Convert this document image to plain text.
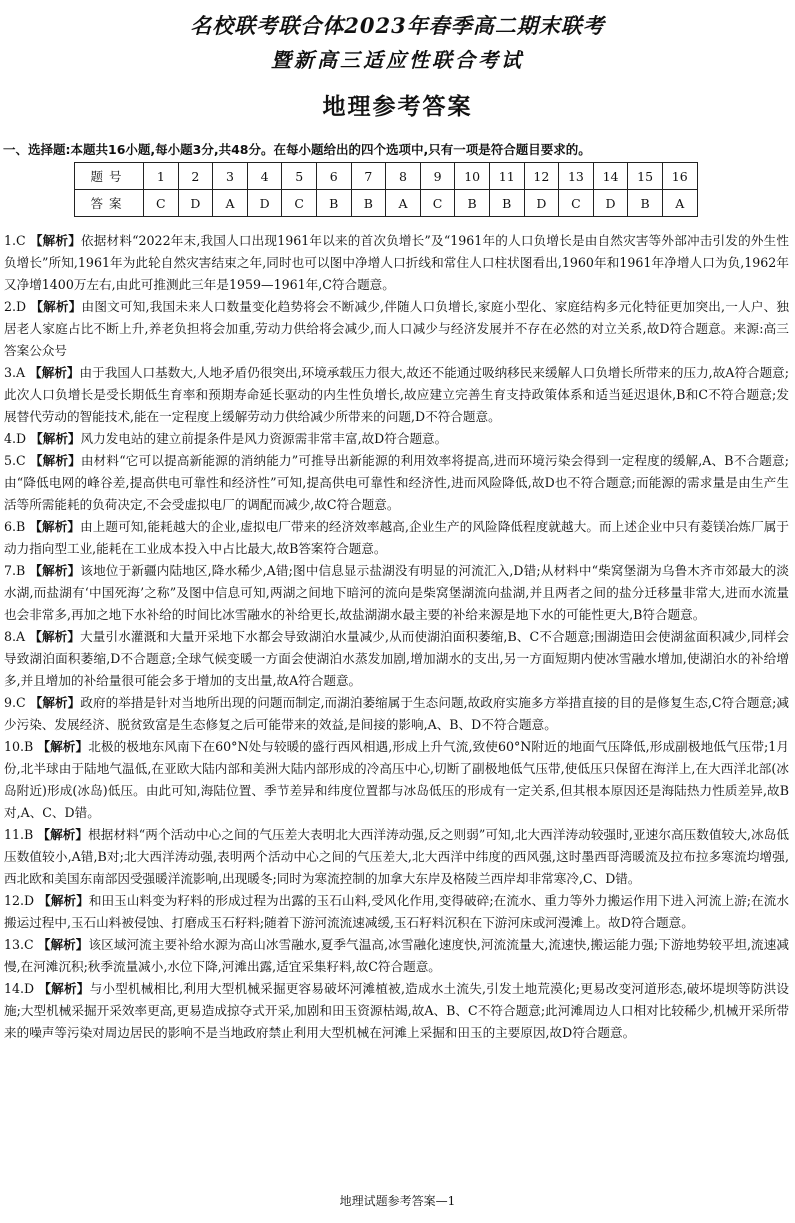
名校联考联合体2023年春季高二期末联考
暨新高三适应性联合考试
地理参考答案
一、选择题:本题共16小题,每小题3分,共48分。在每小题给出的四个选项中,只有一项是符合题目要求的。
题号	1	2	3	4	5	6	7	8	9	10	11	12	13	14	15	16
答案	C	D	A	D	C	B	B	A	C	B	B	D	C	D	B	A

1.C 【解析】依据材料“2022年末,我国人口出现1961年以来的首次负增长”及“1961年的人口负增长是由自然灾害等外部冲击引发的外生性负增长”所知,1961年为此轮自然灾害结束之年,同时也可以图中净增人口折线和常住人口柱状图看出,1960年和1961年净增人口为负,1962年又净增1400万左右,由此可推测此三年是1959—1961年,C符合题意。

2.D 【解析】由图文可知,我国未来人口数量变化趋势将会不断减少,伴随人口负增长,家庭小型化、家庭结构多元化特征更加突出,一人户、独居老人家庭占比不断上升,养老负担将会加重,劳动力供给将会减少,而人口减少与经济发展并不存在必然的对立关系,故D符合题意。来源:高三答案公众号

3.A 【解析】由于我国人口基数大,人地矛盾仍很突出,环境承载压力很大,故还不能通过吸纳移民来缓解人口负增长所带来的压力,故A符合题意;此次人口负增长是受长期低生育率和预期寿命延长驱动的内生性负增长,故应建立完善生育支持政策体系和适当延迟退休,B和C不符合题意;发展替代劳动的智能技术,能在一定程度上缓解劳动力供给减少所带来的问题,D不符合题意。

4.D 【解析】风力发电站的建立前提条件是风力资源需非常丰富,故D符合题意。

5.C 【解析】由材料“它可以提高新能源的消纳能力”可推导出新能源的利用效率将提高,进而环境污染会得到一定程度的缓解,A、B不合题意;由“降低电网的峰谷差,提高供电可靠性和经济性”可知,提高供电可靠性和经济性,进而风险降低,故D也不符合题意;而能源的需求量是由生产生活等所需能耗的负荷决定,不会受虚拟电厂的调配而减少,故C符合题意。

6.B 【解析】由上题可知,能耗越大的企业,虚拟电厂带来的经济效率越高,企业生产的风险降低程度就越大。而上述企业中只有菱镁冶炼厂属于动力指向型工业,能耗在工业成本投入中占比最大,故B答案符合题意。

7.B 【解析】该地位于新疆内陆地区,降水稀少,A错;图中信息显示盐湖没有明显的河流汇入,D错;从材料中“柴窝堡湖为乌鲁木齐市郊最大的淡水湖,而盐湖有‘中国死海’之称”及图中信息可知,两湖之间地下暗河的流向是柴窝堡湖流向盐湖,并且两者之间的盐分迁移量非常大,进而水流量也会非常多,再加之地下水补给的时间比冰雪融水的补给更长,故盐湖湖水最主要的补给来源是地下水的可能性更大,B符合题意。

8.A 【解析】大量引水灌溉和大量开采地下水都会导致湖泊水量减少,从而使湖泊面积萎缩,B、C不合题意;围湖造田会使湖盆面积减少,同样会导致湖泊面积萎缩,D不合题意;全球气候变暖一方面会使湖泊水蒸发加剧,增加湖水的支出,另一方面短期内使冰雪融水增加,使湖泊水的补给增多,并且增加的补给量很可能会多于增加的支出量,故A符合题意。

9.C 【解析】政府的举措是针对当地所出现的问题而制定,而湖泊萎缩属于生态问题,故政府实施多方举措直接的目的是修复生态,C符合题意;减少污染、发展经济、脱贫致富是生态修复之后可能带来的效益,是间接的影响,A、B、D不符合题意。

10.B 【解析】北极的极地东风南下在60°N处与较暖的盛行西风相遇,形成上升气流,致使60°N附近的地面气压降低,形成副极地低气压带;1月份,北半球由于陆地气温低,在亚欧大陆内部和美洲大陆内部形成的冷高压中心,切断了副极地低气压带,使低压只保留在海洋上,在大西洋北部(冰岛附近)形成(冰岛)低压。由此可知,海陆位置、季节差异和纬度位置都与冰岛低压的形成有一定关系,但其根本原因还是海陆热力性质差异,故B对,A、C、D错。

11.B 【解析】根据材料“两个活动中心之间的气压差大表明北大西洋涛动强,反之则弱”可知,北大西洋涛动较强时,亚速尔高压数值较大,冰岛低压数值较小,A错,B对;北大西洋涛动强,表明两个活动中心之间的气压差大,北大西洋中纬度的西风强,这时墨西哥湾暖流及拉布拉多寒流均增强,西北欧和美国东南部因受强暖洋流影响,出现暖冬;同时为寒流控制的加拿大东岸及格陵兰西岸却非常寒冷,C、D错。

12.D 【解析】和田玉山料变为籽料的形成过程为出露的玉石山料,受风化作用,变得破碎;在流水、重力等外力搬运作用下进入河流上游;在流水搬运过程中,玉石山料被侵蚀、打磨成玉石籽料;随着下游河流流速减缓,玉石籽料沉积在下游河床或河漫滩上。故D符合题意。

13.C 【解析】该区域河流主要补给水源为高山冰雪融水,夏季气温高,冰雪融化速度快,河流流量大,流速快,搬运能力强;下游地势较平坦,流速减慢,在河滩沉积;秋季流量减小,水位下降,河滩出露,适宜采集籽料,故C符合题意。

14.D 【解析】与小型机械相比,利用大型机械采掘更容易破坏河滩植被,造成水土流失,引发土地荒漠化;更易改变河道形态,破坏堤坝等防洪设施;大型机械采掘开采效率更高,更易造成掠夺式开采,加剧和田玉资源枯竭,故A、B、C不符合题意;此河滩周边人口相对比较稀少,机械开采所带来的噪声等污染对周边居民的影响不是当地政府禁止利用大型机械在河滩上采掘和田玉的主要原因,故D符合题意。

地理试题参考答案—1
